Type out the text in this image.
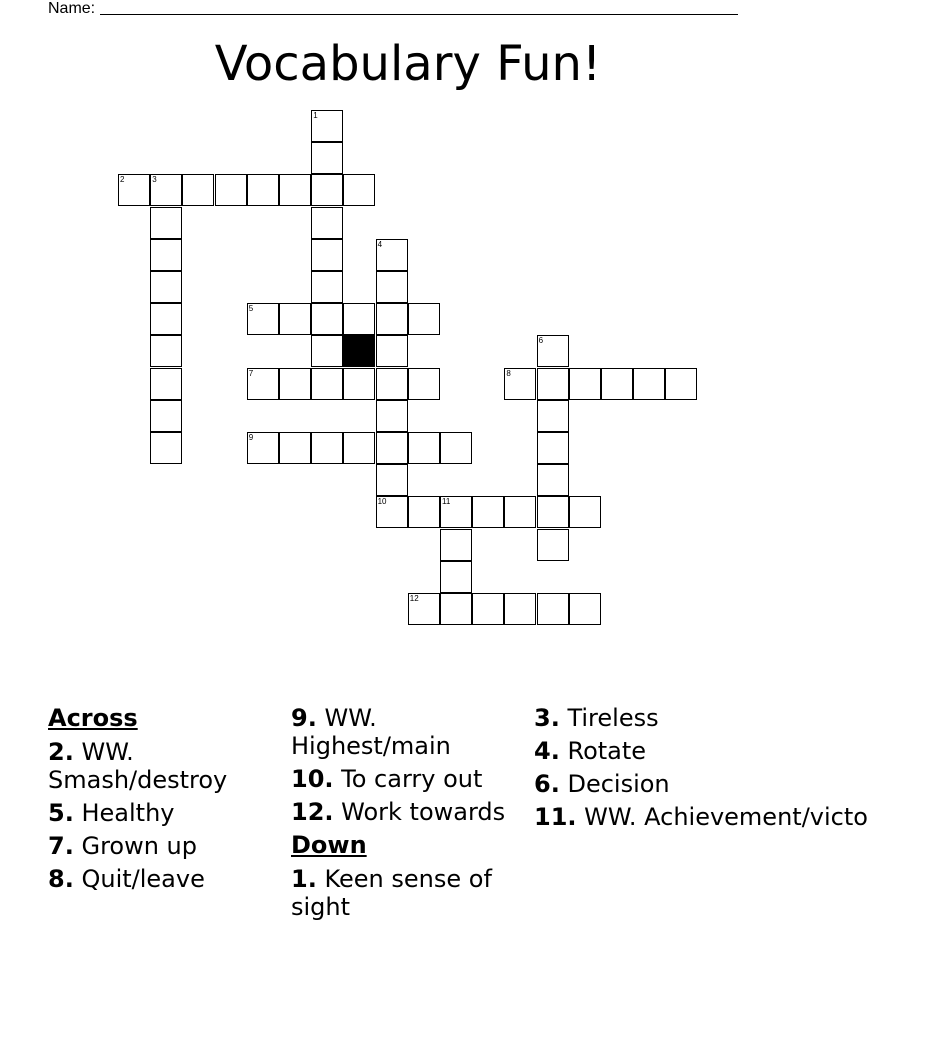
Name:
Vocabulary Fun!
1
2	3
4
5
6
7	8
9
10	11
12
Across
2. WW. Smash/destroy
5. Healthy
7. Grown up
8. Quit/leave
9. WW. Highest/main
10. To carry out
12. Work towards
Down
1. Keen sense of sight
3. Tireless
4. Rotate
6. Decision
11. WW. Achievement/victo
